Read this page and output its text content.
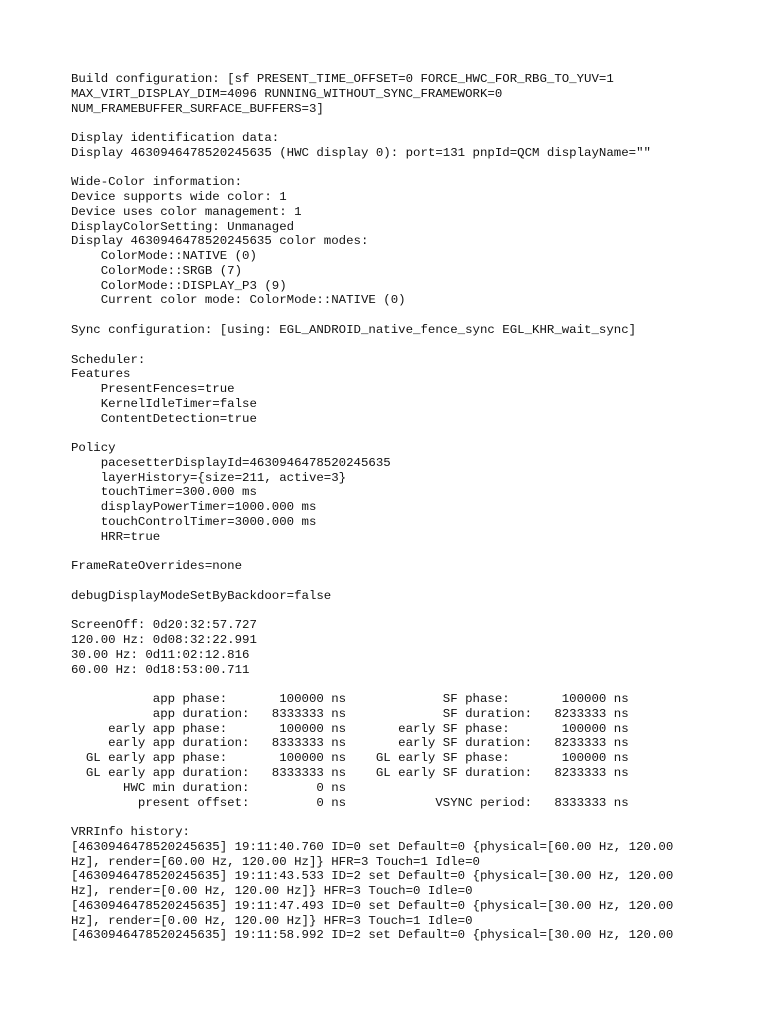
Build configuration: [sf PRESENT_TIME_OFFSET=0 FORCE_HWC_FOR_RBG_TO_YUV=1
MAX_VIRT_DISPLAY_DIM=4096 RUNNING_WITHOUT_SYNC_FRAMEWORK=0
NUM_FRAMEBUFFER_SURFACE_BUFFERS=3]
Display identification data:
Display 4630946478520245635 (HWC display 0): port=131 pnpId=QCM displayName=""
Wide-Color information:
Device supports wide color: 1
Device uses color management: 1
DisplayColorSetting: Unmanaged
Display 4630946478520245635 color modes:
ColorMode::NATIVE (0)
ColorMode::SRGB (7)
ColorMode::DISPLAY_P3 (9)
Current color mode: ColorMode::NATIVE (0)
Sync configuration: [using: EGL_ANDROID_native_fence_sync EGL_KHR_wait_sync]
Scheduler:
Features
PresentFences=true
KernelIdleTimer=false
ContentDetection=true
Policy
pacesetterDisplayId=4630946478520245635
layerHistory={size=211, active=3}
touchTimer=300.000 ms
displayPowerTimer=1000.000 ms
touchControlTimer=3000.000 ms
HRR=true
FrameRateOverrides=none
debugDisplayModeSetByBackdoor=false
ScreenOff: 0d20:32:57.727
120.00 Hz: 0d08:32:22.991
30.00 Hz: 0d11:02:12.816
60.00 Hz: 0d18:53:00.711
app phase:       100000 ns             SF phase:       100000 ns
app duration:   8333333 ns             SF duration:   8233333 ns
early app phase:       100000 ns       early SF phase:       100000 ns
early app duration:   8333333 ns       early SF duration:   8233333 ns
GL early app phase:       100000 ns    GL early SF phase:       100000 ns
GL early app duration:   8333333 ns    GL early SF duration:   8233333 ns
HWC min duration:         0 ns
present offset:         0 ns            VSYNC period:   8333333 ns
VRRInfo history:
[4630946478520245635] 19:11:40.760 ID=0 set Default=0 {physical=[60.00 Hz, 120.00
Hz], render=[60.00 Hz, 120.00 Hz]} HFR=3 Touch=1 Idle=0
[4630946478520245635] 19:11:43.533 ID=2 set Default=0 {physical=[30.00 Hz, 120.00
Hz], render=[0.00 Hz, 120.00 Hz]} HFR=3 Touch=0 Idle=0
[4630946478520245635] 19:11:47.493 ID=0 set Default=0 {physical=[30.00 Hz, 120.00
Hz], render=[0.00 Hz, 120.00 Hz]} HFR=3 Touch=1 Idle=0
[4630946478520245635] 19:11:58.992 ID=2 set Default=0 {physical=[30.00 Hz, 120.00
